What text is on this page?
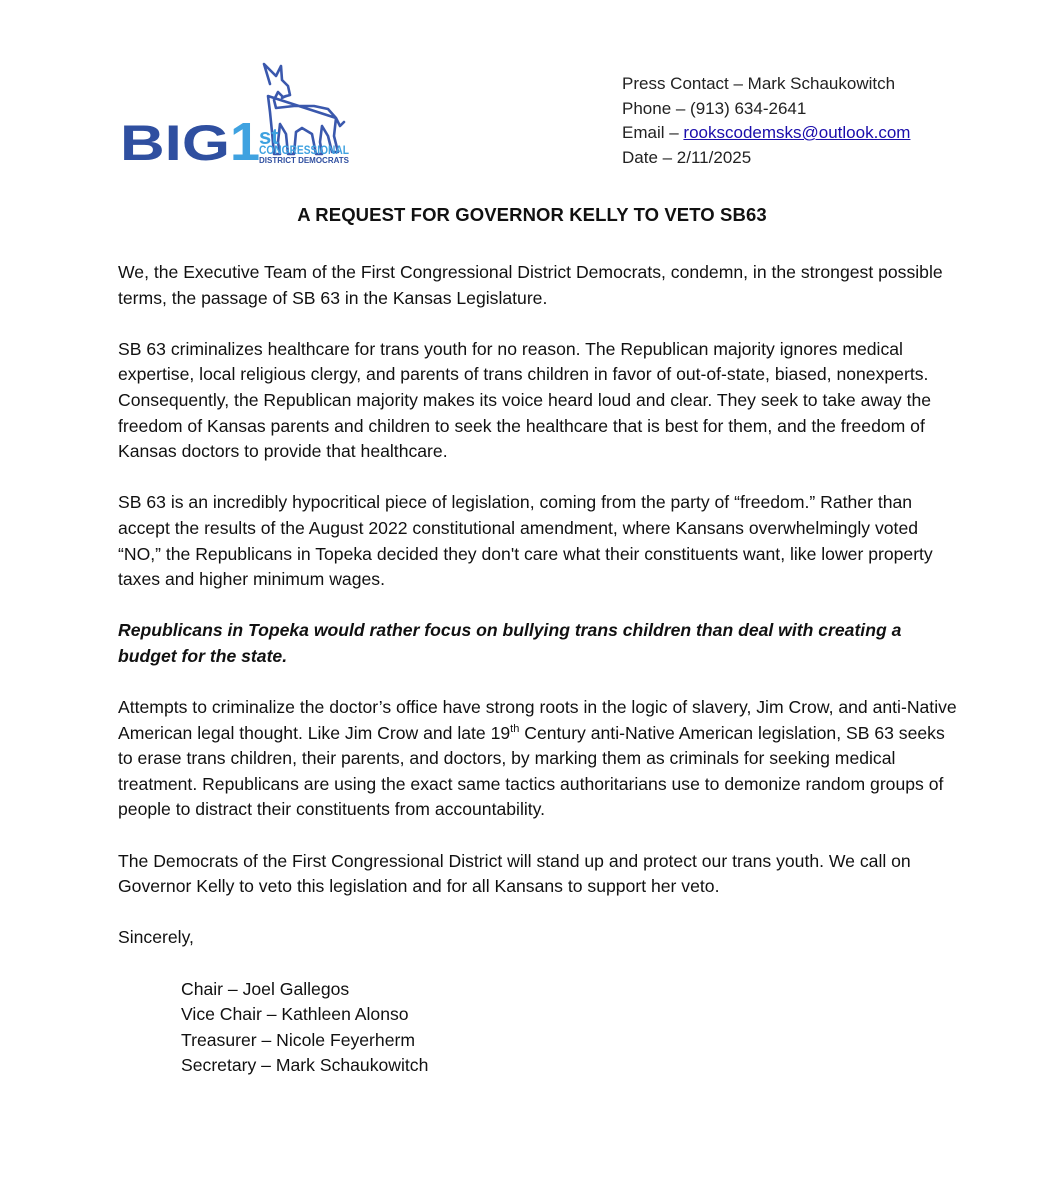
BIG 1
st
CONGRESSIONAL
DISTRICT DEMOCRATS
Press Contact – Mark Schaukowitch
Phone – (913) 634-2641
Email – rookscodemsks@outlook.com
Date – 2/11/2025
A REQUEST FOR GOVERNOR KELLY TO VETO SB63

We, the Executive Team of the First Congressional District Democrats, condemn, in the strongest possible terms, the passage of SB 63 in the Kansas Legislature.

SB 63 criminalizes healthcare for trans youth for no reason. The Republican majority ignores medical expertise, local religious clergy, and parents of trans children in favor of out-of-state, biased, nonexperts. Consequently, the Republican majority makes its voice heard loud and clear. They seek to take away the freedom of Kansas parents and children to seek the healthcare that is best for them, and the freedom of Kansas doctors to provide that healthcare.

SB 63 is an incredibly hypocritical piece of legislation, coming from the party of “freedom.” Rather than accept the results of the August 2022 constitutional amendment, where Kansans overwhelmingly voted “NO,” the Republicans in Topeka decided they don't care what their constituents want, like lower property taxes and higher minimum wages.

Republicans in Topeka would rather focus on bullying trans children than deal with creating a budget for the state.

Attempts to criminalize the doctor’s office have strong roots in the logic of slavery, Jim Crow, and anti-Native American legal thought. Like Jim Crow and late 19th Century anti-Native American legislation, SB 63 seeks to erase trans children, their parents, and doctors, by marking them as criminals for seeking medical treatment. Republicans are using the exact same tactics authoritarians use to demonize random groups of people to distract their constituents from accountability.

The Democrats of the First Congressional District will stand up and protect our trans youth. We call on Governor Kelly to veto this legislation and for all Kansans to support her veto.

Sincerely,

Chair – Joel Gallegos
Vice Chair – Kathleen Alonso
Treasurer – Nicole Feyerherm
Secretary – Mark Schaukowitch
